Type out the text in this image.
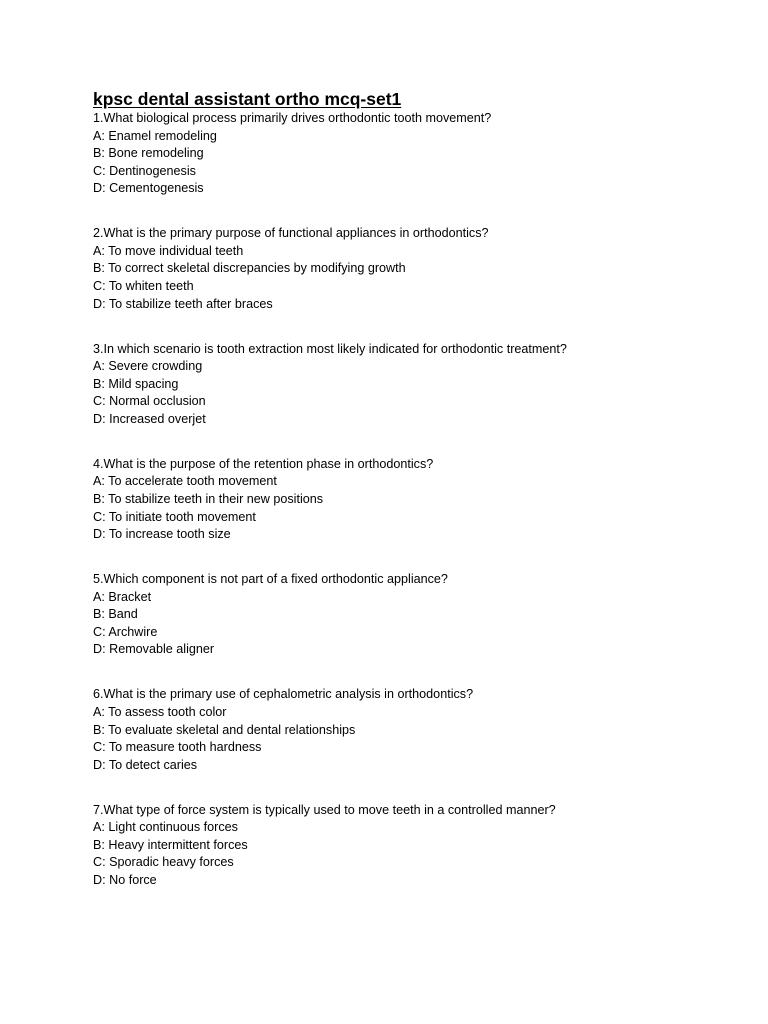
kpsc dental assistant ortho mcq-set1

1.What biological process primarily drives orthodontic tooth movement?

A: Enamel remodeling

B: Bone remodeling

C: Dentinogenesis

D: Cementogenesis

2.What is the primary purpose of functional appliances in orthodontics?

A: To move individual teeth

B: To correct skeletal discrepancies by modifying growth

C: To whiten teeth

D: To stabilize teeth after braces

3.In which scenario is tooth extraction most likely indicated for orthodontic treatment?

A: Severe crowding

B: Mild spacing

C: Normal occlusion

D: Increased overjet

4.What is the purpose of the retention phase in orthodontics?

A: To accelerate tooth movement

B: To stabilize teeth in their new positions

C: To initiate tooth movement

D: To increase tooth size

5.Which component is not part of a fixed orthodontic appliance?

A: Bracket

B: Band

C: Archwire

D: Removable aligner

6.What is the primary use of cephalometric analysis in orthodontics?

A: To assess tooth color

B: To evaluate skeletal and dental relationships

C: To measure tooth hardness

D: To detect caries

7.What type of force system is typically used to move teeth in a controlled manner?

A: Light continuous forces

B: Heavy intermittent forces

C: Sporadic heavy forces

D: No force
